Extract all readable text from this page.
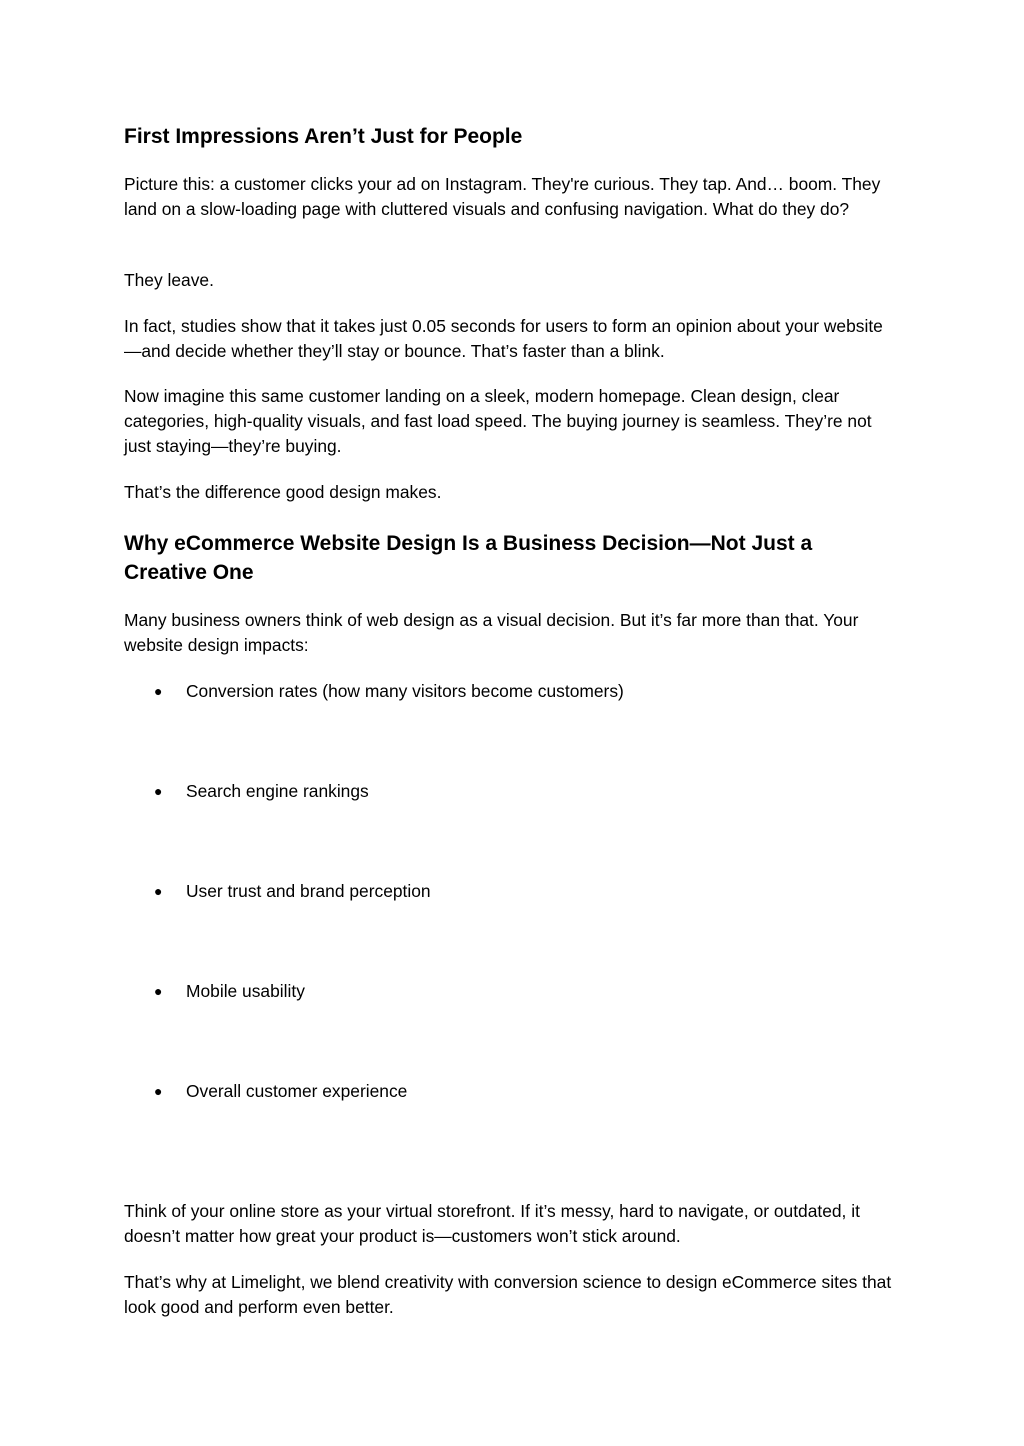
First Impressions Aren’t Just for People

Picture this: a customer clicks your ad on Instagram. They're curious. They tap. And… boom. They land on a slow-loading page with cluttered visuals and confusing navigation. What do they do?

They leave.

In fact, studies show that it takes just 0.05 seconds for users to form an opinion about your website—and decide whether they’ll stay or bounce. That’s faster than a blink.

Now imagine this same customer landing on a sleek, modern homepage. Clean design, clear categories, high-quality visuals, and fast load speed. The buying journey is seamless. They’re not just staying—they’re buying.

That’s the difference good design makes.

Why eCommerce Website Design Is a Business Decision—Not Just a Creative One

Many business owners think of web design as a visual decision. But it’s far more than that. Your website design impacts:

● Conversion rates (how many visitors become customers)
● Search engine rankings
● User trust and brand perception
● Mobile usability
● Overall customer experience

Think of your online store as your virtual storefront. If it’s messy, hard to navigate, or outdated, it doesn’t matter how great your product is—customers won’t stick around.

That’s why at Limelight, we blend creativity with conversion science to design eCommerce sites that look good and perform even better.
